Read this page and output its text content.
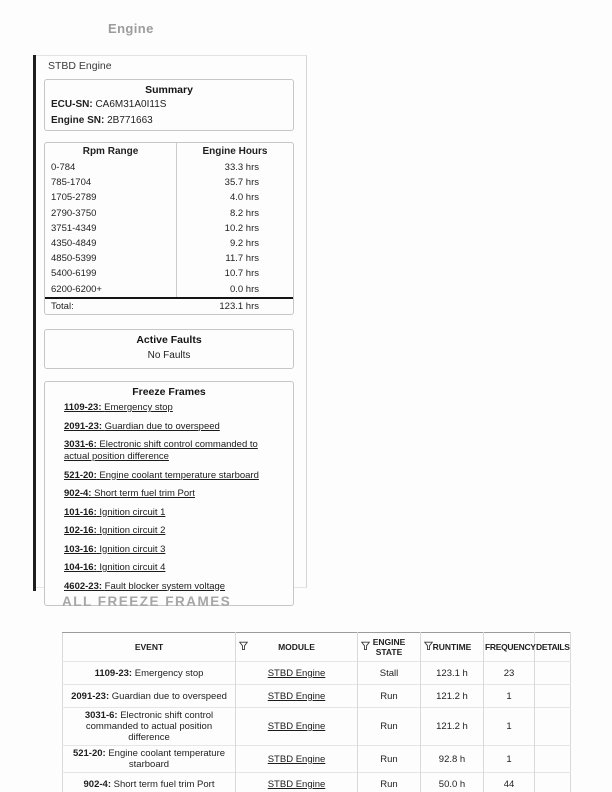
Engine
STBD Engine
Summary
ECU-SN: CA6M31A0I11S
Engine SN: 2B771663
Rpm Range	Engine Hours
0-784	33.3 hrs
785-1704	35.7 hrs
1705-2789	4.0 hrs
2790-3750	8.2 hrs
3751-4349	10.2 hrs
4350-4849	9.2 hrs
4850-5399	11.7 hrs
5400-6199	10.7 hrs
6200-6200+	0.0 hrs
Total:	123.1 hrs
Active Faults
No Faults
Freeze Frames
1109-23: Emergency stop
2091-23: Guardian due to overspeed
3031-6: Electronic shift control commanded to actual position difference
521-20: Engine coolant temperature starboard
902-4: Short term fuel trim Port
101-16: Ignition circuit 1
102-16: Ignition circuit 2
103-16: Ignition circuit 3
104-16: Ignition circuit 4
4602-23: Fault blocker system voltage
ALL FREEZE FRAMES
EVENT	MODULE	ENGINE STATE	RUNTIME	FREQUENCY	DETAILS
1109-23: Emergency stop	STBD Engine	Stall	123.1 h	23	
2091-23: Guardian due to overspeed	STBD Engine	Run	121.2 h	1	
3031-6: Electronic shift control commanded to actual position difference	STBD Engine	Run	121.2 h	1	
521-20: Engine coolant temperature starboard	STBD Engine	Run	92.8 h	1	
902-4: Short term fuel trim Port	STBD Engine	Run	50.0 h	44	
